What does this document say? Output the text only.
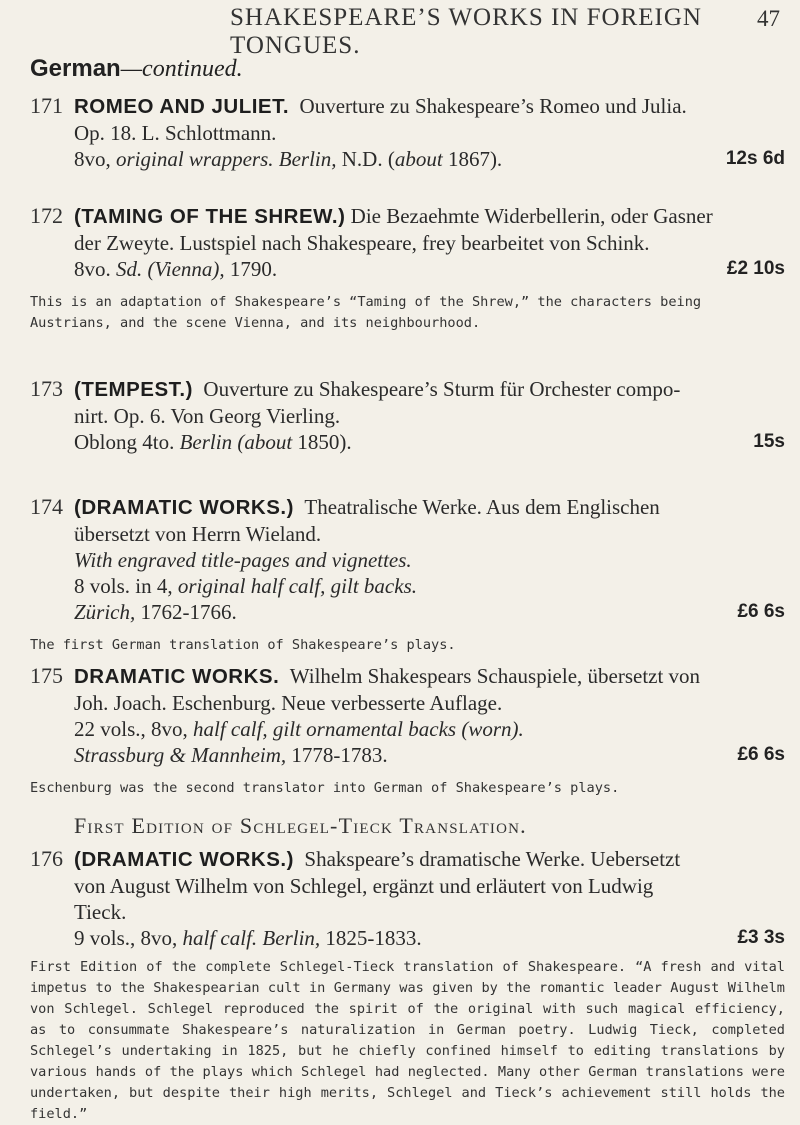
SHAKESPEARE’S WORKS IN FOREIGN TONGUES.
47
German—continued.
171 ROMEO AND JULIET. Ouverture zu Shakespeare’s Romeo und Julia.
Op. 18. L. Schlottmann.
8vo, original wrappers. Berlin, N.D. (about 1867).	12s 6d
172 (TAMING OF THE SHREW.) Die Bezaehmte Widerbellerin, oder Gasner
der Zweyte. Lustspiel nach Shakespeare, frey bearbeitet von Schink.
8vo. Sd. (Vienna), 1790.	£2 10s
This is an adaptation of Shakespeare’s “Taming of the Shrew,” the characters being Austrians, and the scene Vienna, and its neighbourhood.
173 (TEMPEST.) Ouverture zu Shakespeare’s Sturm für Orchester compo-
nirt. Op. 6. Von Georg Vierling.
Oblong 4to. Berlin (about 1850).	15s
174 (DRAMATIC WORKS.) Theatralische Werke. Aus dem Englischen
übersetzt von Herrn Wieland.
With engraved title-pages and vignettes.
8 vols. in 4, original half calf, gilt backs.
Zürich, 1762-1766.	£6 6s
The first German translation of Shakespeare’s plays.
175 DRAMATIC WORKS. Wilhelm Shakespears Schauspiele, übersetzt von
Joh. Joach. Eschenburg. Neue verbesserte Auflage.
22 vols., 8vo, half calf, gilt ornamental backs (worn).
Strassburg & Mannheim, 1778-1783.	£6 6s
Eschenburg was the second translator into German of Shakespeare’s plays.
First Edition of Schlegel-Tieck Translation.
176 (DRAMATIC WORKS.) Shakspeare’s dramatische Werke. Uebersetzt
von August Wilhelm von Schlegel, ergänzt und erläutert von Ludwig
Tieck.
9 vols., 8vo, half calf. Berlin, 1825-1833.	£3 3s
First Edition of the complete Schlegel-Tieck translation of Shakespeare. “A fresh and vital impetus to the Shakespearian cult in Germany was given by the romantic leader August Wilhelm von Schlegel. Schlegel reproduced the spirit of the original with such magical efficiency, as to consummate Shakespeare’s naturalization in German poetry. Ludwig Tieck, completed Schlegel’s undertaking in 1825, but he chiefly confined himself to editing translations by various hands of the plays which Schlegel had neglected. Many other German translations were undertaken, but despite their high merits, Schlegel and Tieck’s achievement still holds the field.”
